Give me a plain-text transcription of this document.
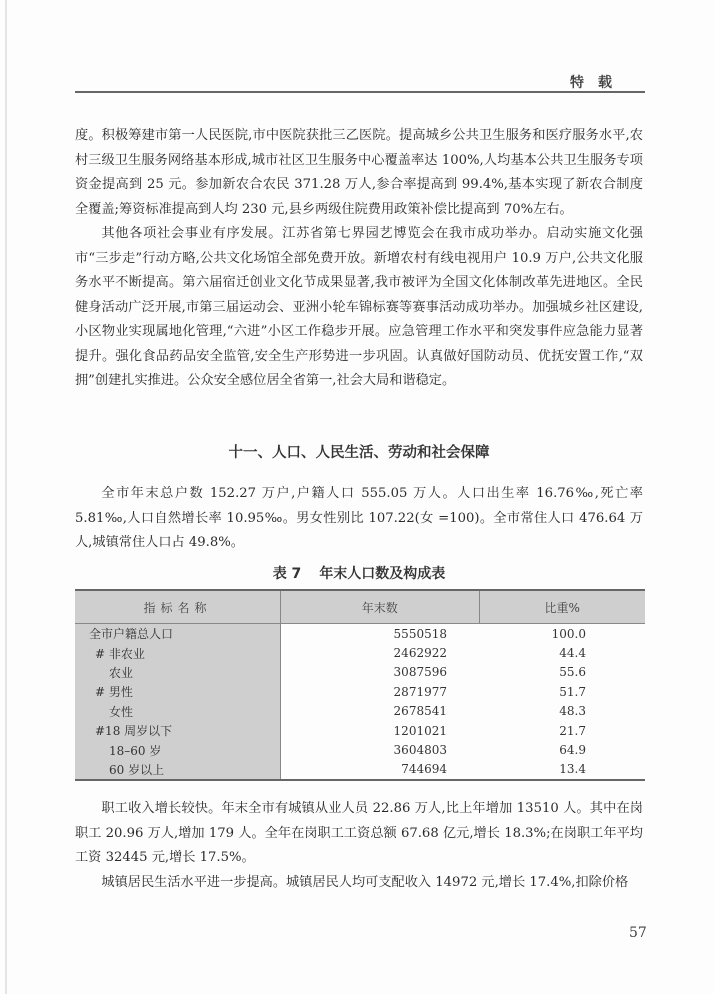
特载

度。积极筹建市第一人民医院,市中医院获批三乙医院。提高城乡公共卫生服务和医疗服务水平,农村三级卫生服务网络基本形成,城市社区卫生服务中心覆盖率达 100%,人均基本公共卫生服务专项资金提高到 25 元。参加新农合农民 371.28 万人,参合率提高到 99.4%,基本实现了新农合制度全覆盖;筹资标准提高到人均 230 元,县乡两级住院费用政策补偿比提高到 70%左右。

其他各项社会事业有序发展。江苏省第七界园艺博览会在我市成功举办。启动实施文化强市“三步走”行动方略,公共文化场馆全部免费开放。新增农村有线电视用户 10.9 万户,公共文化服务水平不断提高。第六届宿迁创业文化节成果显著,我市被评为全国文化体制改革先进地区。全民健身活动广泛开展,市第三届运动会、亚洲小轮车锦标赛等赛事活动成功举办。加强城乡社区建设,小区物业实现属地化管理,“六进”小区工作稳步开展。应急管理工作水平和突发事件应急能力显著提升。强化食品药品安全监管,安全生产形势进一步巩固。认真做好国防动员、优抚安置工作,“双拥”创建扎实推进。公众安全感位居全省第一,社会大局和谐稳定。

十一、人口、人民生活、劳动和社会保障

全市年末总户数 152.27 万户,户籍人口 555.05 万人。人口出生率 16.76‰,死亡率 5.81‰,人口自然增长率 10.95‰。男女性别比 107.22(女 =100)。全市常住人口 476.64 万人,城镇常住人口占 49.8%。

表 7 年末人口数及构成表
指标名称	年末数	比重%
全市户籍总人口	5550518	100.0
# 非农业	2462922	44.4
农业	3087596	55.6
# 男性	2871977	51.7
女性	2678541	48.3
#18 周岁以下	1201021	21.7
18–60 岁	3604803	64.9
60 岁以上	744694	13.4

职工收入增长较快。年末全市有城镇从业人员 22.86 万人,比上年增加 13510 人。其中在岗职工 20.96 万人,增加 179 人。全年在岗职工工资总额 67.68 亿元,增长 18.3%;在岗职工年平均工资 32445 元,增长 17.5%。

城镇居民生活水平进一步提高。城镇居民人均可支配收入 14972 元,增长 17.4%,扣除价格

57
